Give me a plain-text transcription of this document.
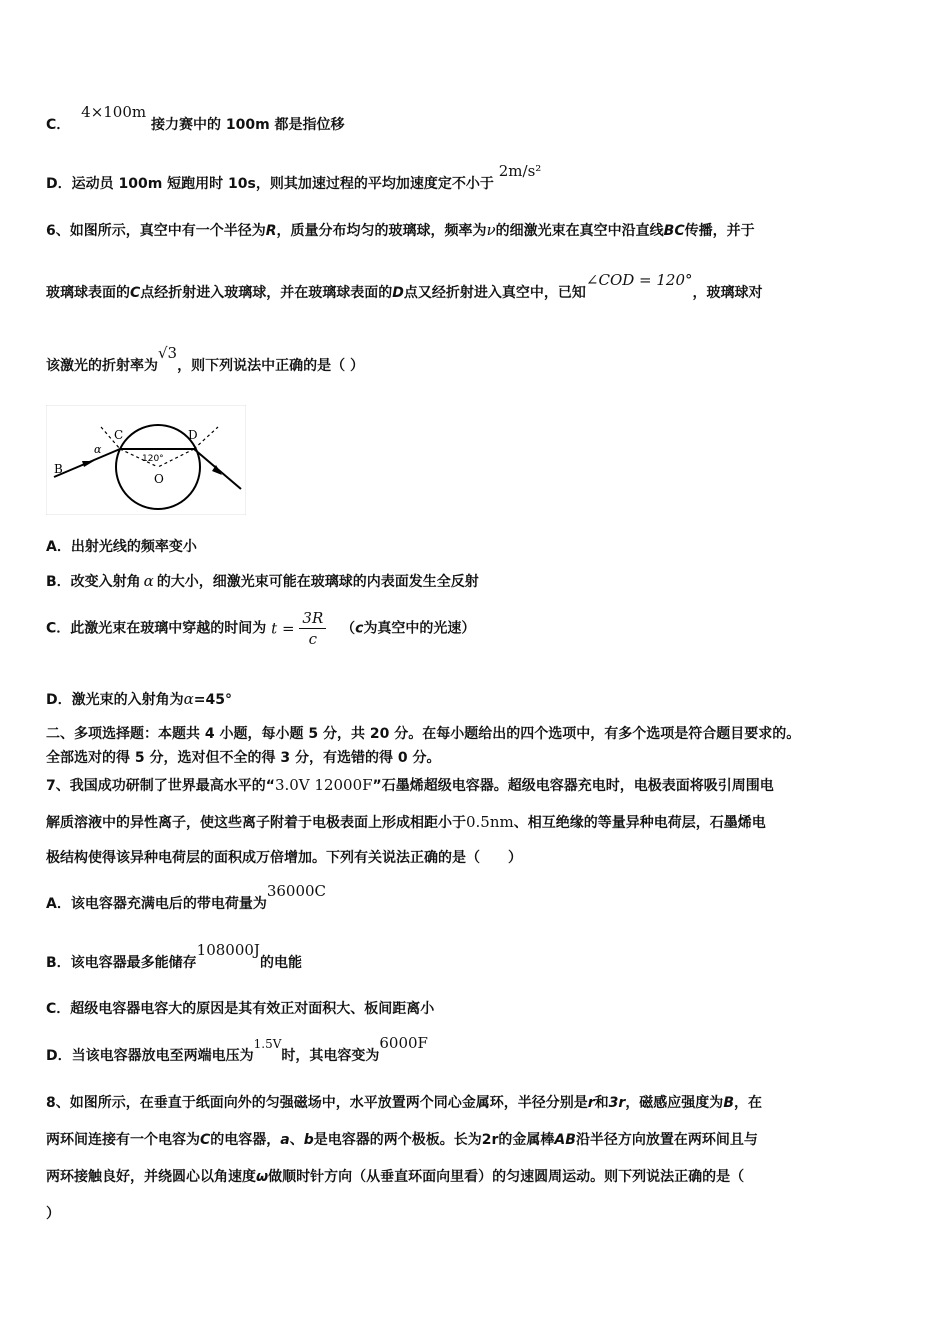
C． 4×100m 接力赛中的 100m 都是指位移
D．运动员 100m 短跑用时 10s，则其加速过程的平均加速度定不小于 2m/s²
6、如图所示，真空中有一个半径为R，质量分布均匀的玻璃球，频率为ν的细激光束在真空中沿直线BC传播，并于
玻璃球表面的C点经折射进入玻璃球，并在玻璃球表面的D点又经折射进入真空中，已知∠COD = 120°，玻璃球对
该激光的折射率为√3，则下列说法中正确的是（ ）
B
α
C	D
120°
O
A．出射光线的频率变小
B．改变入射角 α 的大小，细激光束可能在玻璃球的内表面发生全反射
C．此激光束在玻璃中穿越的时间为 $t = \frac{3R}{c} (c$为真空中的光速）
D．激光束的入射角为α=45°
二、多项选择题：本题共 4 小题，每小题 5 分，共 20 分。在每小题给出的四个选项中，有多个选项是符合题目要求的。
全部选对的得 5 分，选对但不全的得 3 分，有选错的得 0 分。
7、我国成功研制了世界最高水平的“3.0V 12000F”石墨烯超级电容器。超级电容器充电时，电极表面将吸引周围电
解质溶液中的异性离子，使这些离子附着于电极表面上形成相距小于0.5nm、相互绝缘的等量异种电荷层，石墨烯电
极结构使得该异种电荷层的面积成万倍增加。下列有关说法正确的是（　　）
A．该电容器充满电后的带电荷量为36000C
B．该电容器最多能储存108000J的电能
C．超级电容器电容大的原因是其有效正对面积大、板间距离小
D．当该电容器放电至两端电压为1.5V时，其电容变为6000F
8、如图所示，在垂直于纸面向外的匀强磁场中，水平放置两个同心金属环，半径分别是r和3r，磁感应强度为B，在
两环间连接有一个电容为C的电容器，a、b是电容器的两个极板。长为2r的金属棒AB沿半径方向放置在两环间且与
两环接触良好，并绕圆心以角速度ω做顺时针方向（从垂直环面向里看）的匀速圆周运动。则下列说法正确的是（
）
